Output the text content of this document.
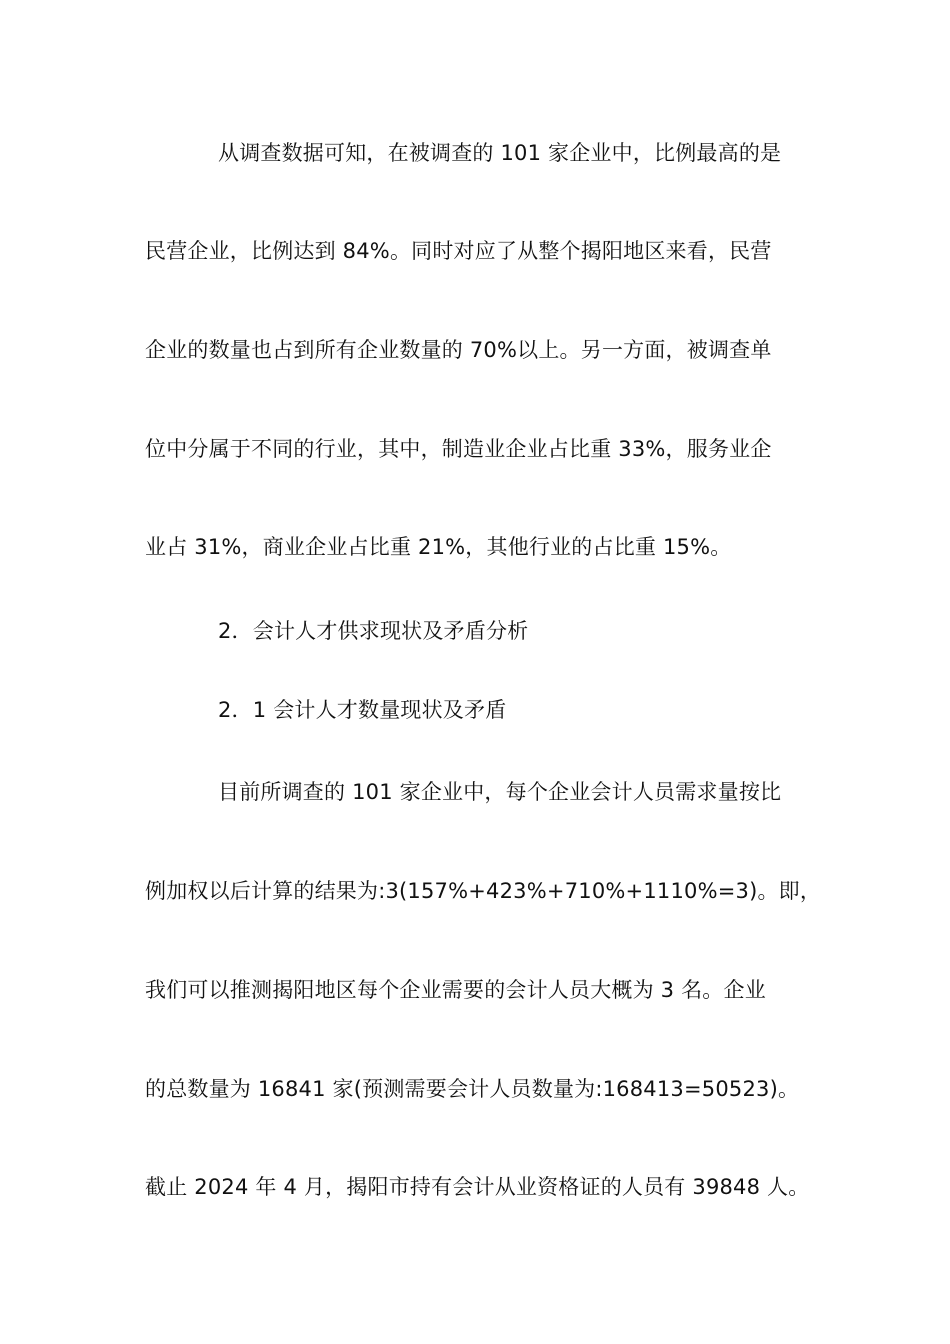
从调查数据可知，在被调查的 101 家企业中，比例最高的是
民营企业，比例达到 84%。同时对应了从整个揭阳地区来看，民营
企业的数量也占到所有企业数量的 70%以上。另一方面，被调查单
位中分属于不同的行业，其中，制造业企业占比重 33%，服务业企
业占 31%，商业企业占比重 21%，其他行业的占比重 15%。
2．会计人才供求现状及矛盾分析
2．1 会计人才数量现状及矛盾
目前所调查的 101 家企业中，每个企业会计人员需求量按比
例加权以后计算的结果为:3(157%+423%+710%+1110%=3)。即，
我们可以推测揭阳地区每个企业需要的会计人员大概为 3 名。企业
的总数量为 16841 家(预测需要会计人员数量为:168413=50523)。
截止 2024 年 4 月，揭阳市持有会计从业资格证的人员有 39848 人。
